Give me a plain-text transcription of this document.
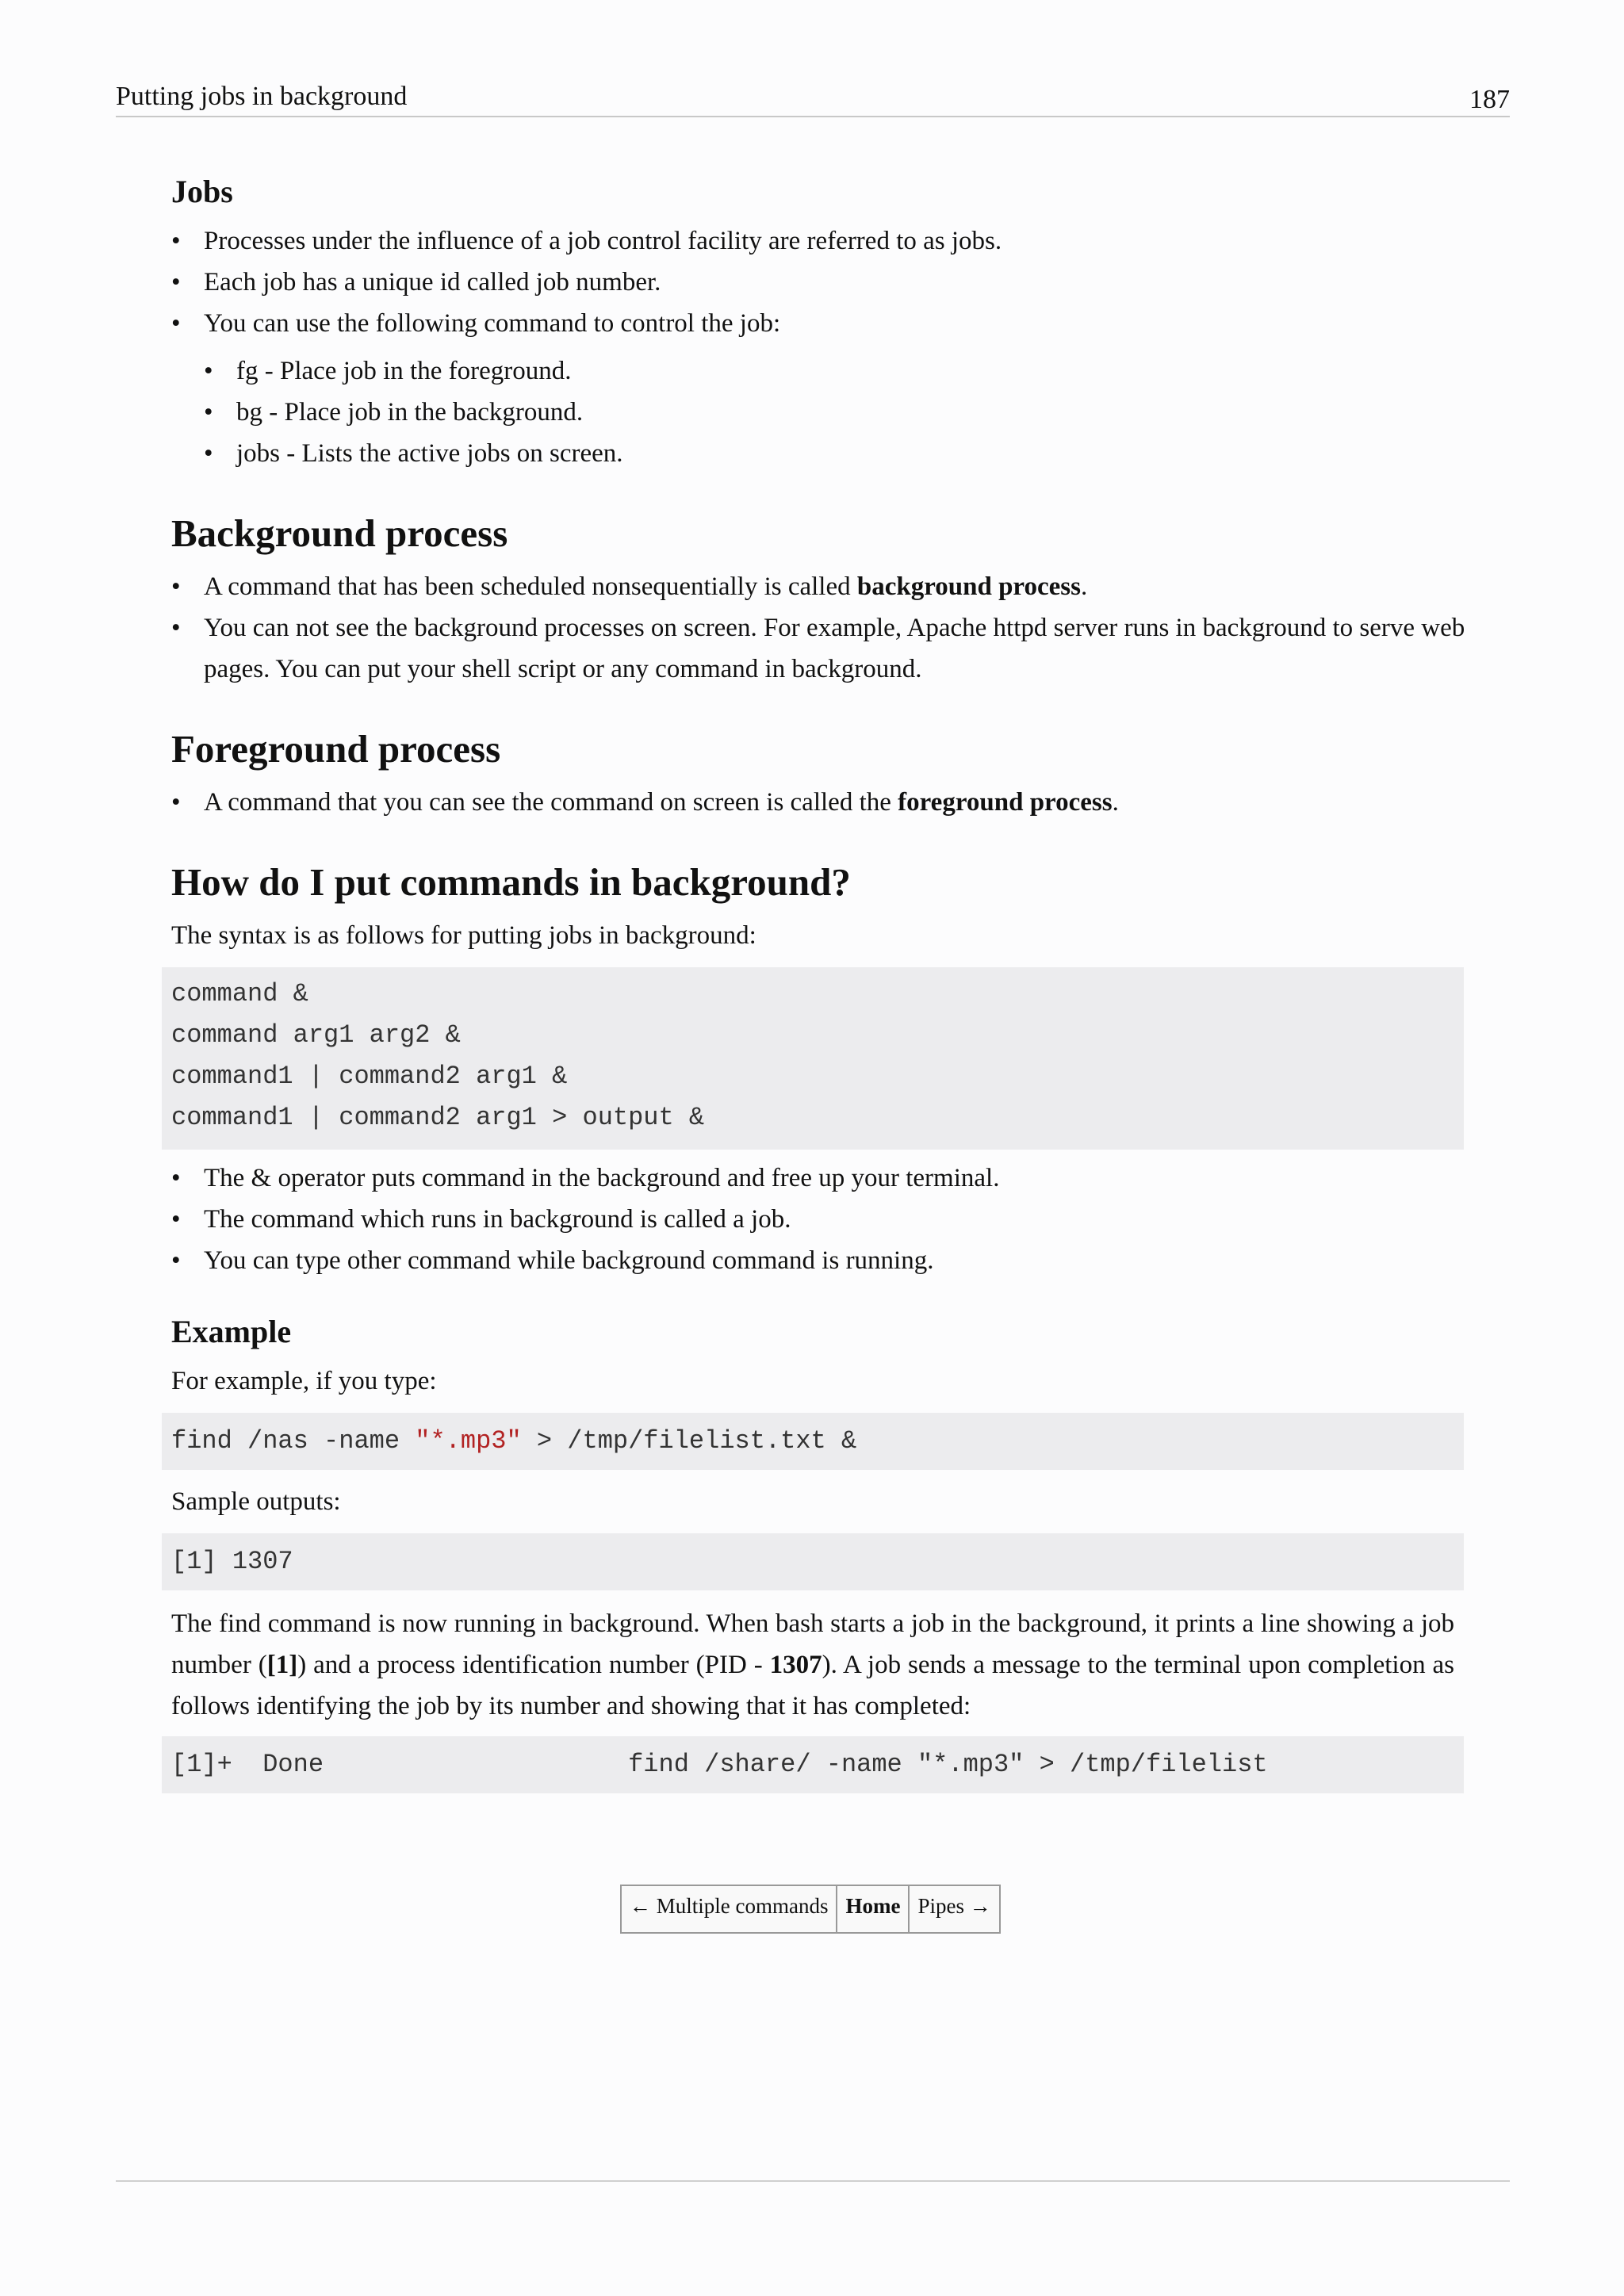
Putting jobs in background	187
Jobs
• Processes under the influence of a job control facility are referred to as jobs.
• Each job has a unique id called job number.
• You can use the following command to control the job:
• fg - Place job in the foreground.
• bg - Place job in the background.
• jobs - Lists the active jobs on screen.
Background process
• A command that has been scheduled nonsequentially is called background process.
• You can not see the background processes on screen. For example, Apache httpd server runs in background to serve web pages. You can put your shell script or any command in background.
Foreground process
• A command that you can see the command on screen is called the foreground process.
How do I put commands in background?

The syntax is as follows for putting jobs in background:

command &
command arg1 arg2 &
command1 | command2 arg1 &
command1 | command2 arg1 > output &
• The & operator puts command in the background and free up your terminal.
• The command which runs in background is called a job.
• You can type other command while background command is running.
Example

For example, if you type:

find /nas -name "*.mp3" > /tmp/filelist.txt &

Sample outputs:

[1] 1307

The find command is now running in background. When bash starts a job in the background, it prints a line showing a job number ([1]) and a process identification number (PID - 1307). A job sends a message to the terminal upon completion as follows identifying the job by its number and showing that it has completed:

[1]+  Done                    find /share/ -name "*.mp3" > /tmp/filelist
← Multiple commands	Home	Pipes →
